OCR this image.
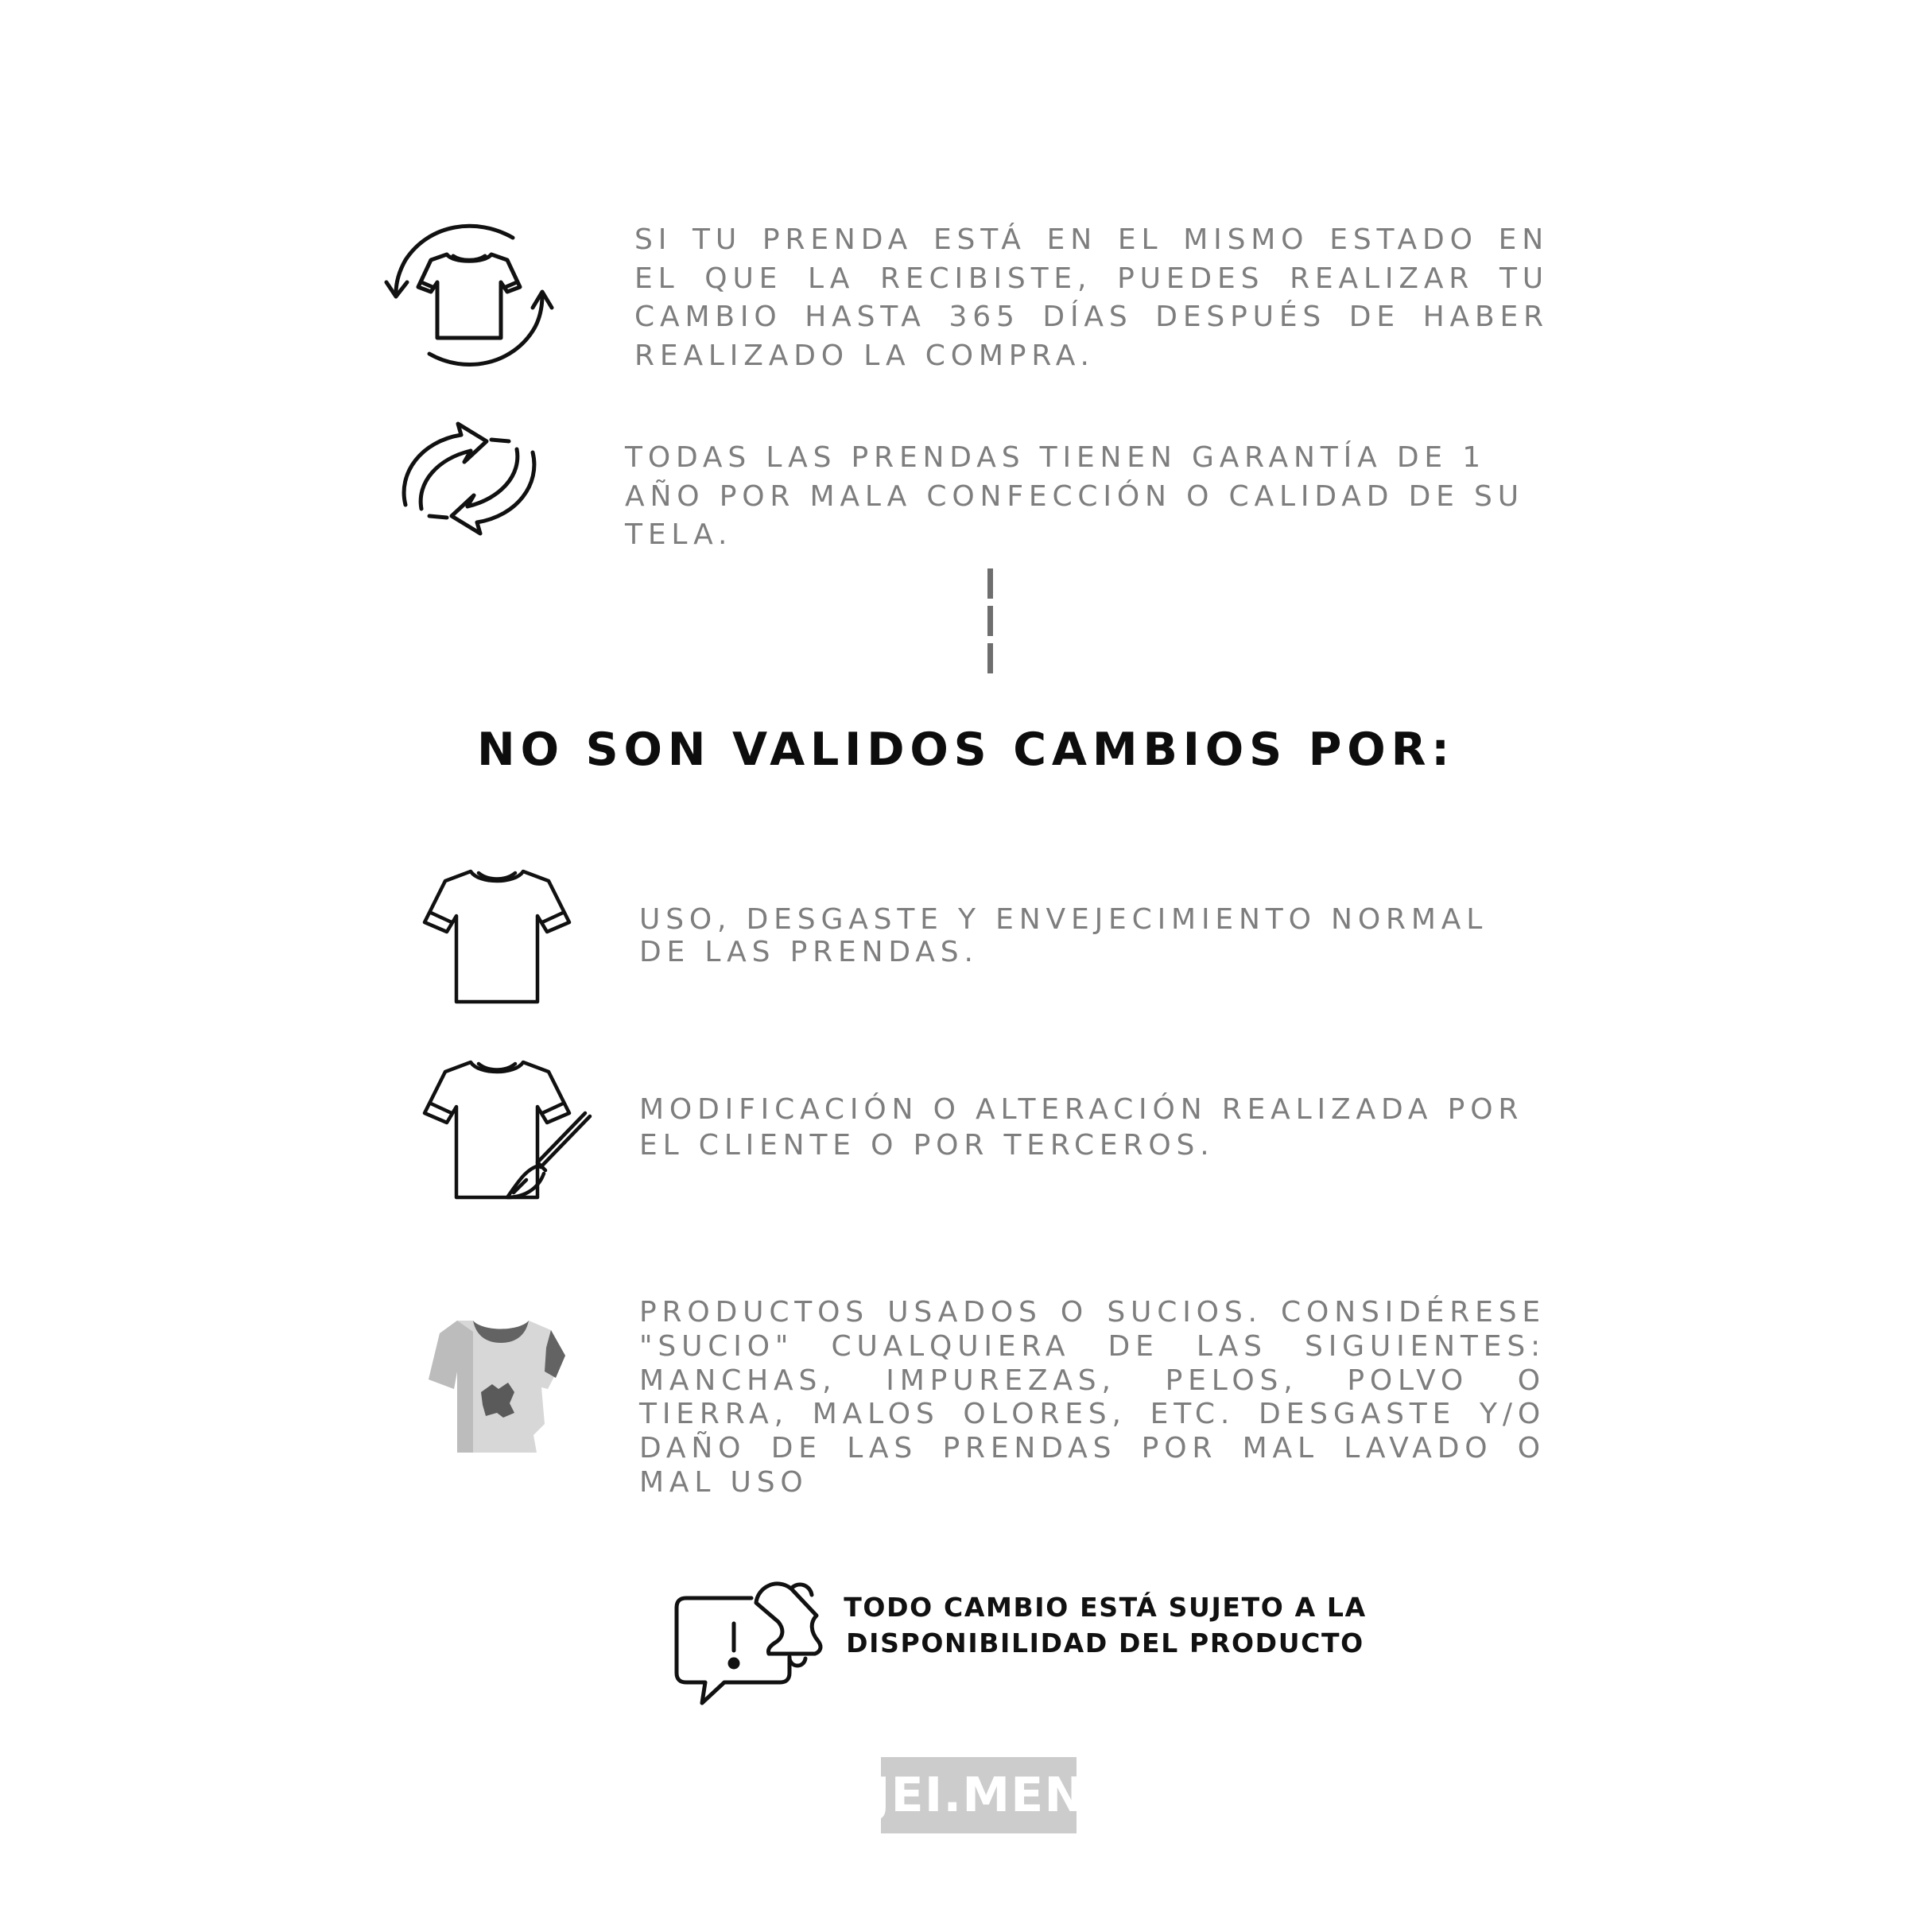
SI TU PRENDA ESTÁ EN EL MISMO ESTADO EN EL QUE LA RECIBISTE, PUEDES REALIZAR TU CAMBIO HASTA 365 DÍAS DESPUÉS DE HABER REALIZADO LA COMPRA.

TODAS LAS PRENDAS TIENEN GARANTÍA DE 1 AÑO POR MALA CONFECCIÓN O CALIDAD DE SU TELA.

NO SON VALIDOS CAMBIOS POR:

USO, DESGASTE Y ENVEJECIMIENTO NORMAL DE LAS PRENDAS.

MODIFICACIÓN O ALTERACIÓN REALIZADA POR EL CLIENTE O POR TERCEROS.

PRODUCTOS USADOS O SUCIOS. CONSIDÉRESE "SUCIO" CUALQUIERA DE LAS SIGUIENTES: MANCHAS, IMPUREZAS, PELOS, POLVO O TIERRA, MALOS OLORES, ETC. DESGASTE Y/O DAÑO DE LAS PRENDAS POR MAL LAVADO O MAL USO

TODO CAMBIO ESTÁ SUJETO A LA DISPONIBILIDAD DEL PRODUCTO

JEI.MEN
